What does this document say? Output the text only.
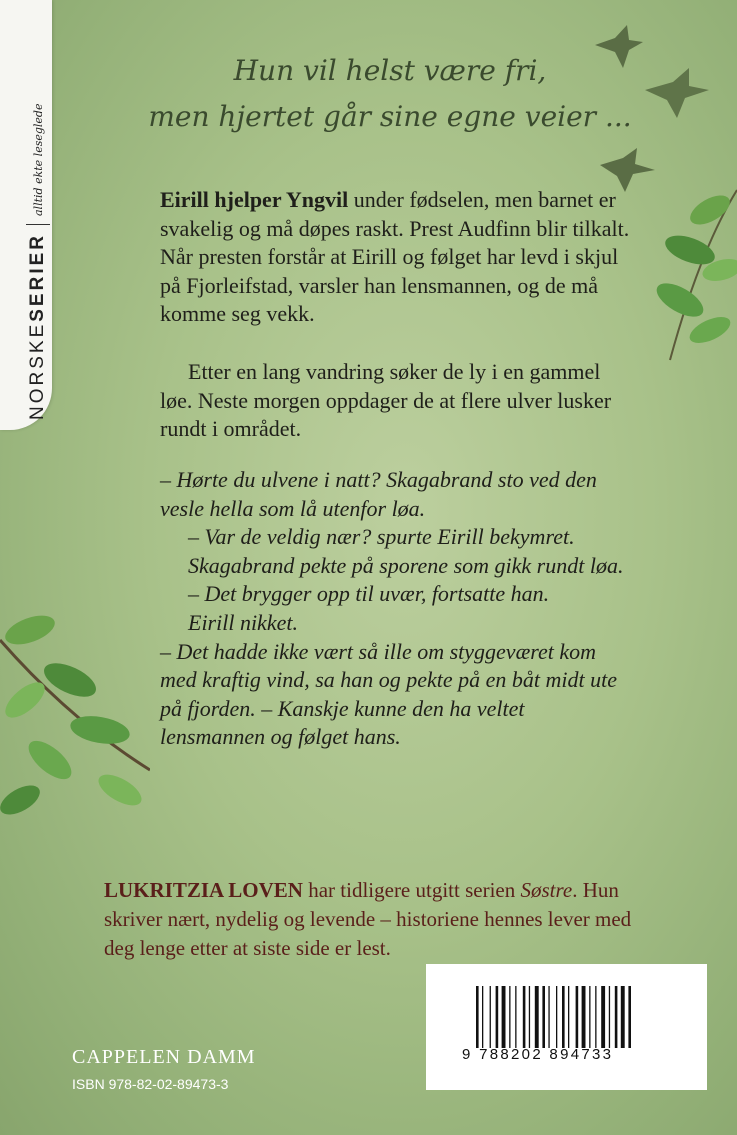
NORSKESERIER
alltid ekte leseglede
Hun vil helst være fri,
men hjertet går sine egne veier ...

Eirill hjelper Yngvil under fødselen, men barnet er svakelig og må døpes raskt. Prest Audfinn blir tilkalt. Når presten forstår at Eirill og følget har levd i skjul på Fjorleifstad, varsler han lensmannen, og de må komme seg vekk.

Etter en lang vandring søker de ly i en gammel løe. Neste morgen oppdager de at flere ulver lusker rundt i området.

– Hørte du ulvene i natt? Skagabrand sto ved den vesle hella som lå utenfor løa.
– Var de veldig nær? spurte Eirill bekymret.
Skagabrand pekte på sporene som gikk rundt løa. – Det brygger opp til uvær, fortsatte han.
Eirill nikket.
– Det hadde ikke vært så ille om styggeværet kom med kraftig vind, sa han og pekte på en båt midt ute på fjorden. – Kanskje kunne den ha veltet lensmannen og følget hans.

LUKRITZIA LOVEN har tidligere utgitt serien Søstre. Hun skriver nært, nydelig og levende – historiene hennes lever med deg lenge etter at siste side er lest.

9 788202 894733
CAPPELEN DAMM
ISBN 978-82-02-89473-3
